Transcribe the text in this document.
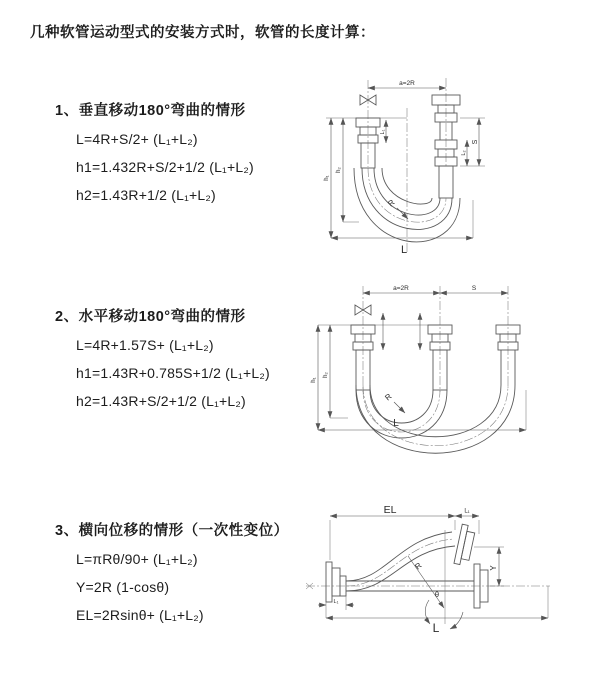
几种软管运动型式的安装方式时，软管的长度计算：
1、垂直移动180°弯曲的情形
L=4R+S/2+ (L₁+L₂)
h1=1.432R+S/2+1/2 (L₁+L₂)
h2=1.43R+1/2 (L₁+L₂)
2、水平移动180°弯曲的情形
L=4R+1.57S+ (L₁+L₂)
h1=1.43R+0.785S+1/2 (L₁+L₂)
h2=1.43R+S/2+1/2 (L₁+L₂)
3、横向位移的情形（一次性变位）
L=πRθ/90+ (L₁+L₂)
Y=2R (1-cosθ)
EL=2Rsinθ+ (L₁+L₂)
a=2R
L₁
S
L₂
R
h₁
h₂
L
a=2R	S
R
h₁
h₂
L
EL	L₁
Y
R
θ
L₁
L
